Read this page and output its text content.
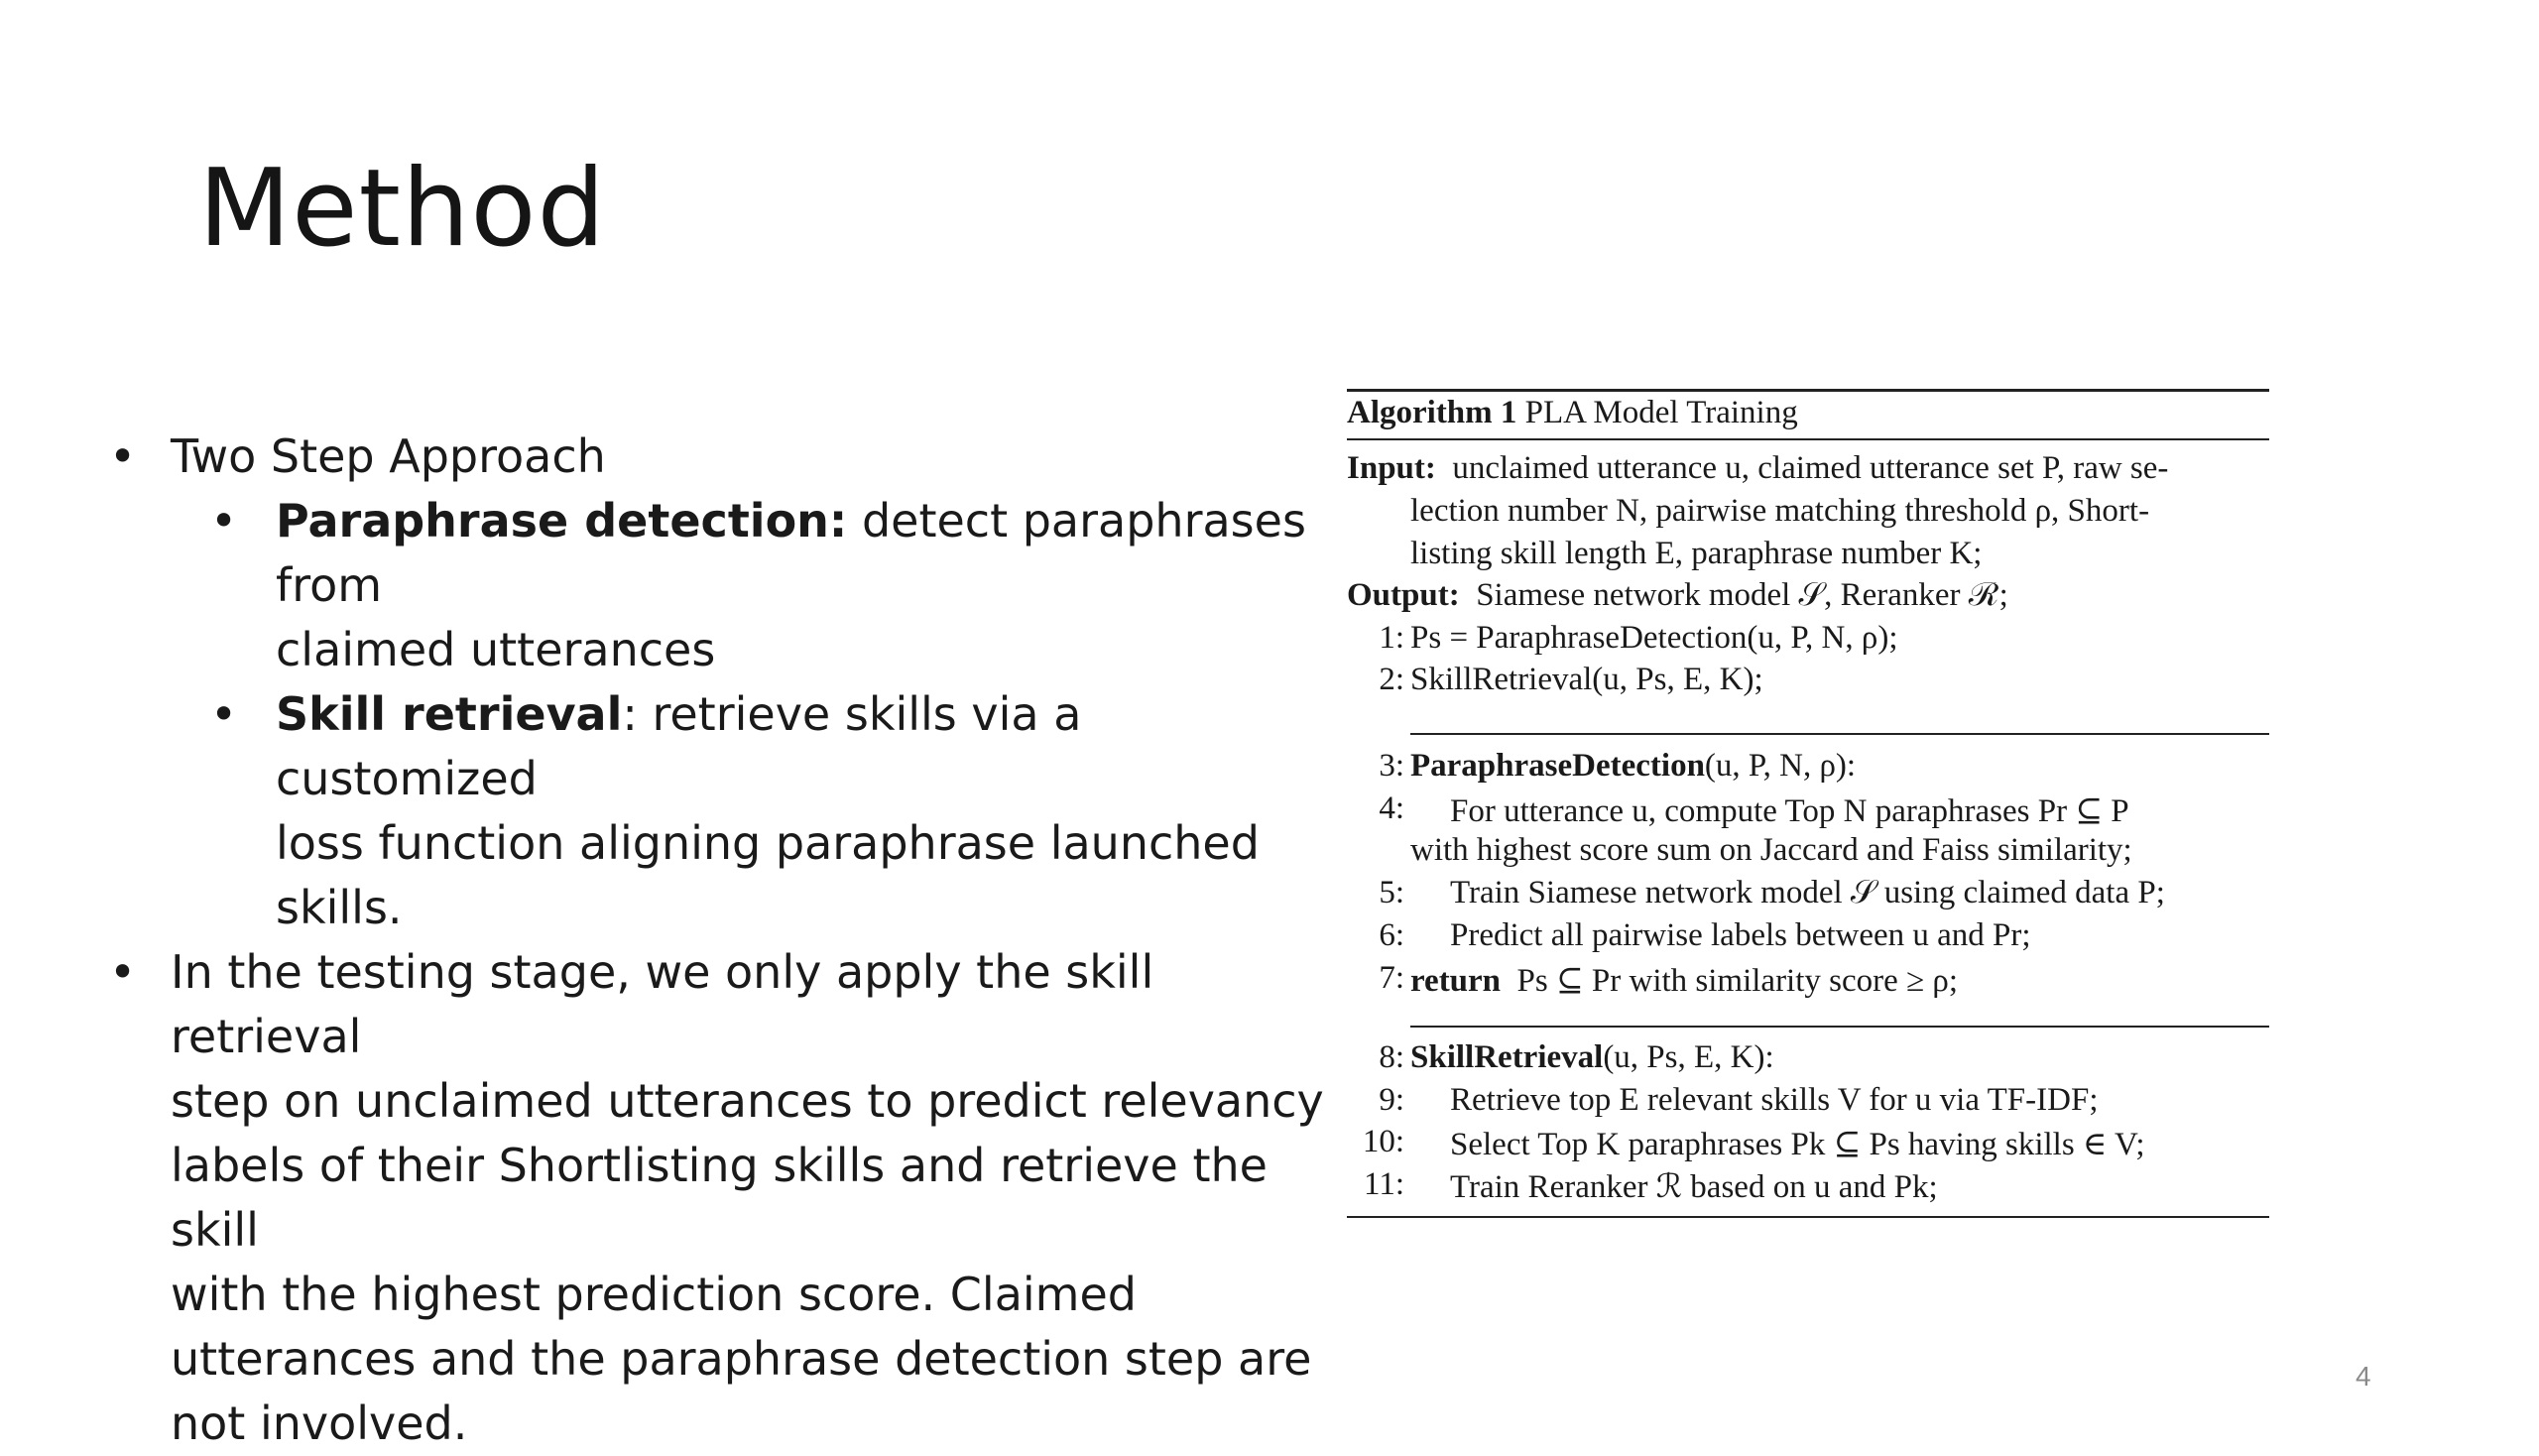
Method
• Two Step Approach
• Paraphrase detection: detect paraphrases from
claimed utterances
• Skill retrieval: retrieve skills via a customized
loss function aligning paraphrase launched skills.
• In the testing stage, we only apply the skill retrieval
step on unclaimed utterances to predict relevancy
labels of their Shortlisting skills and retrieve the skill
with the highest prediction score. Claimed
utterances and the paraphrase detection step are
not involved.
Algorithm 1 PLA Model Training
Input: unclaimed utterance u, claimed utterance set P, raw se-
lection number N, pairwise matching threshold ρ, Short-
listing skill length E, paraphrase number K;
Output: Siamese network model 𝒮, Reranker ℛ;
1: Ps = ParaphraseDetection(u, P, N, ρ);
2: SkillRetrieval(u, Ps, E, K);
3: ParaphraseDetection(u, P, N, ρ):
4: For utterance u, compute Top N paraphrases Pr ⊆ P
with highest score sum on Jaccard and Faiss similarity;
5: Train Siamese network model 𝒮 using claimed data P;
6: Predict all pairwise labels between u and Pr;
7: return Ps ⊆ Pr with similarity score ≥ ρ;
8: SkillRetrieval(u, Ps, E, K):
9: Retrieve top E relevant skills V for u via TF-IDF;
10: Select Top K paraphrases Pk ⊆ Ps having skills ∈ V;
11: Train Reranker ℛ based on u and Pk;
4
